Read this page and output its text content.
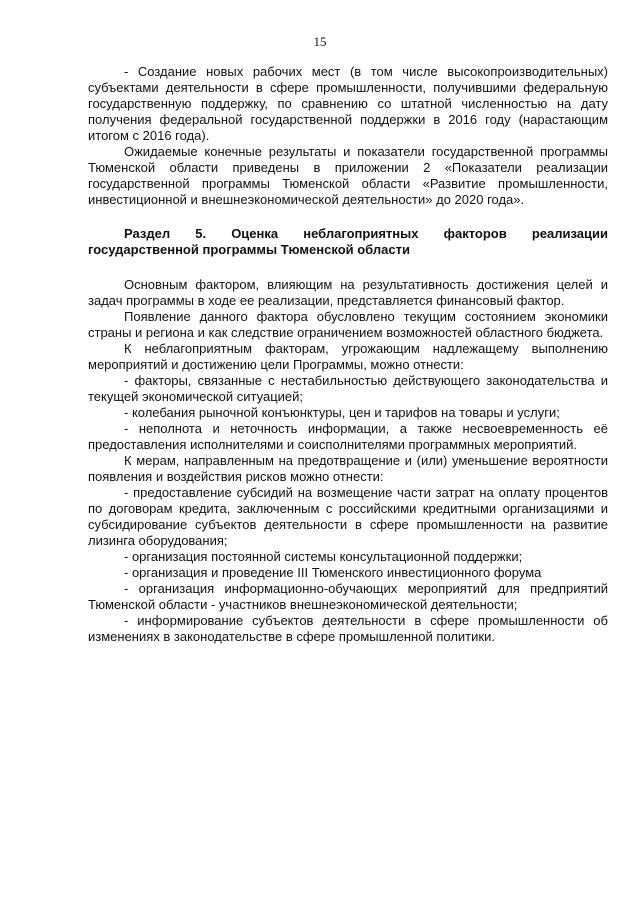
15

- Создание новых рабочих мест (в том числе высокопроизводительных) субъектами деятельности в сфере промышленности, получившими федеральную государственную поддержку, по сравнению со штатной численностью на дату получения федеральной государственной поддержки в 2016 году (нарастающим итогом с 2016 года).

Ожидаемые конечные результаты и показатели государственной программы Тюменской области приведены в приложении 2 «Показатели реализации государственной программы Тюменской области «Развитие промышленности, инвестиционной и внешнеэкономической деятельности» до 2020 года».

Раздел 5. Оценка неблагоприятных факторов реализации государственной программы Тюменской области

Основным фактором, влияющим на результативность достижения целей и задач программы в ходе ее реализации, представляется финансовый фактор.

Появление данного фактора обусловлено текущим состоянием экономики страны и региона и как следствие ограничением возможностей областного бюджета.

К неблагоприятным факторам, угрожающим надлежащему выполнению мероприятий и достижению цели Программы, можно отнести:

- факторы, связанные с нестабильностью действующего законодательства и текущей экономической ситуацией;

- колебания рыночной конъюнктуры, цен и тарифов на товары и услуги;

- неполнота и неточность информации, а также несвоевременность её предоставления исполнителями и соисполнителями программных мероприятий.

К мерам, направленным на предотвращение и (или) уменьшение вероятности появления и воздействия рисков можно отнести:

- предоставление субсидий на возмещение части затрат на оплату процентов по договорам кредита, заключенным с российскими кредитными организациями и субсидирование субъектов деятельности в сфере промышленности на развитие лизинга оборудования;

- организация постоянной системы консультационной поддержки;

- организация и проведение III Тюменского инвестиционного форума

- организация информационно-обучающих мероприятий для предприятий Тюменской области - участников внешнеэкономической деятельности;

- информирование субъектов деятельности в сфере промышленности об изменениях в законодательстве в сфере промышленной политики.
